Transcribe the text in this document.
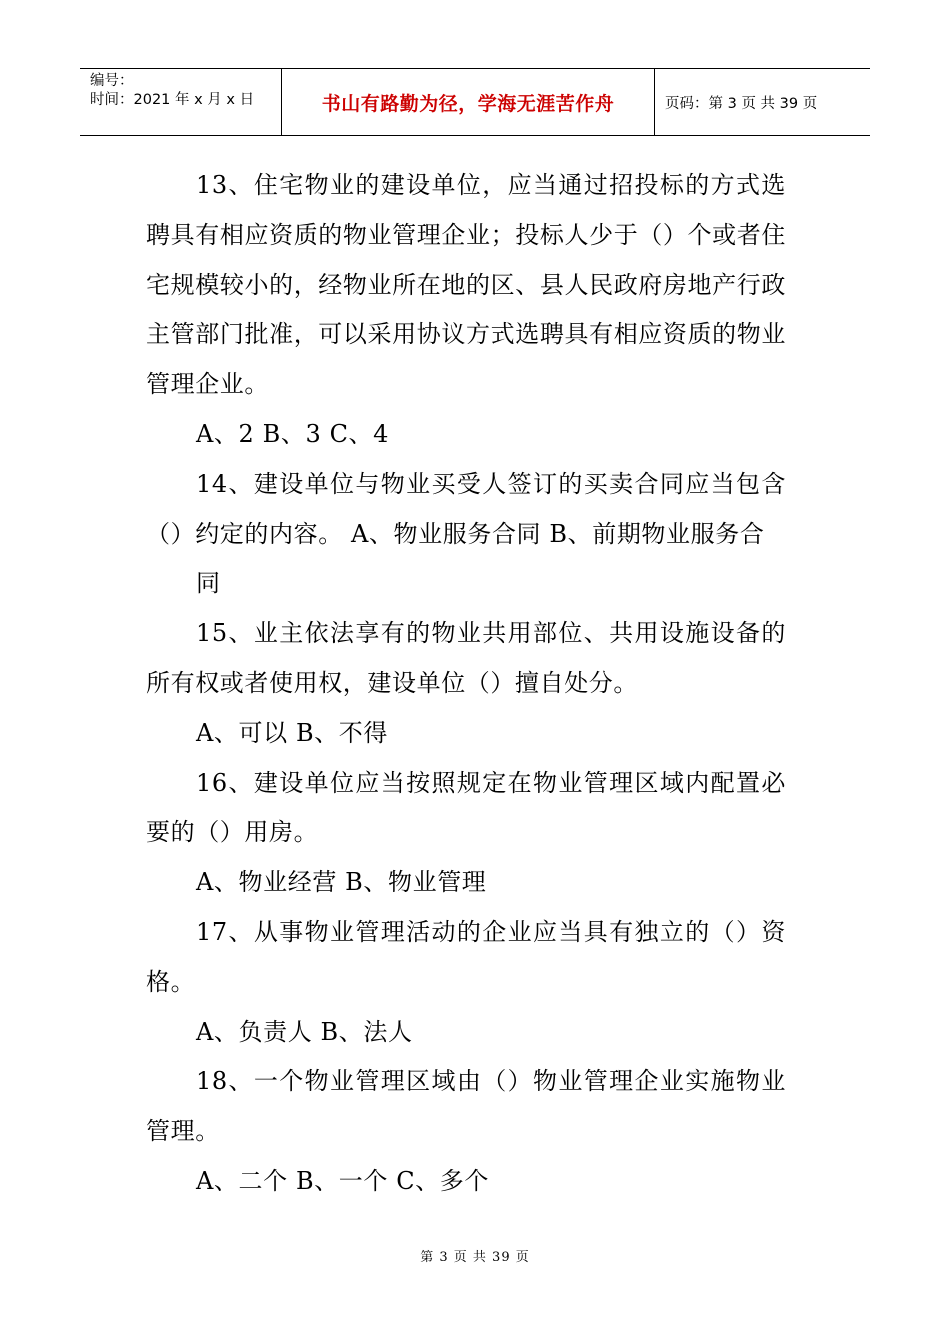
编号：
时间：2021 年 x 月 x 日	书山有路勤为径，学海无涯苦作舟	页码：第 3 页 共 39 页

13、住宅物业的建设单位，应当通过招投标的方式选聘具有相应资质的物业管理企业；投标人少于（）个或者住宅规模较小的，经物业所在地的区、县人民政府房地产行政主管部门批准，可以采用协议方式选聘具有相应资质的物业管理企业。

A、2 B、3 C、4

14、建设单位与物业买受人签订的买卖合同应当包含（）约定的内容。 A、物业服务合同 B、前期物业服务合

同

15、业主依法享有的物业共用部位、共用设施设备的所有权或者使用权，建设单位（）擅自处分。

A、可以 B、不得

16、建设单位应当按照规定在物业管理区域内配置必要的（）用房。

A、物业经营 B、物业管理

17、从事物业管理活动的企业应当具有独立的（）资格。

A、负责人 B、法人

18、一个物业管理区域由（）物业管理企业实施物业管理。

A、二个 B、一个 C、多个

第 3 页 共 39 页
